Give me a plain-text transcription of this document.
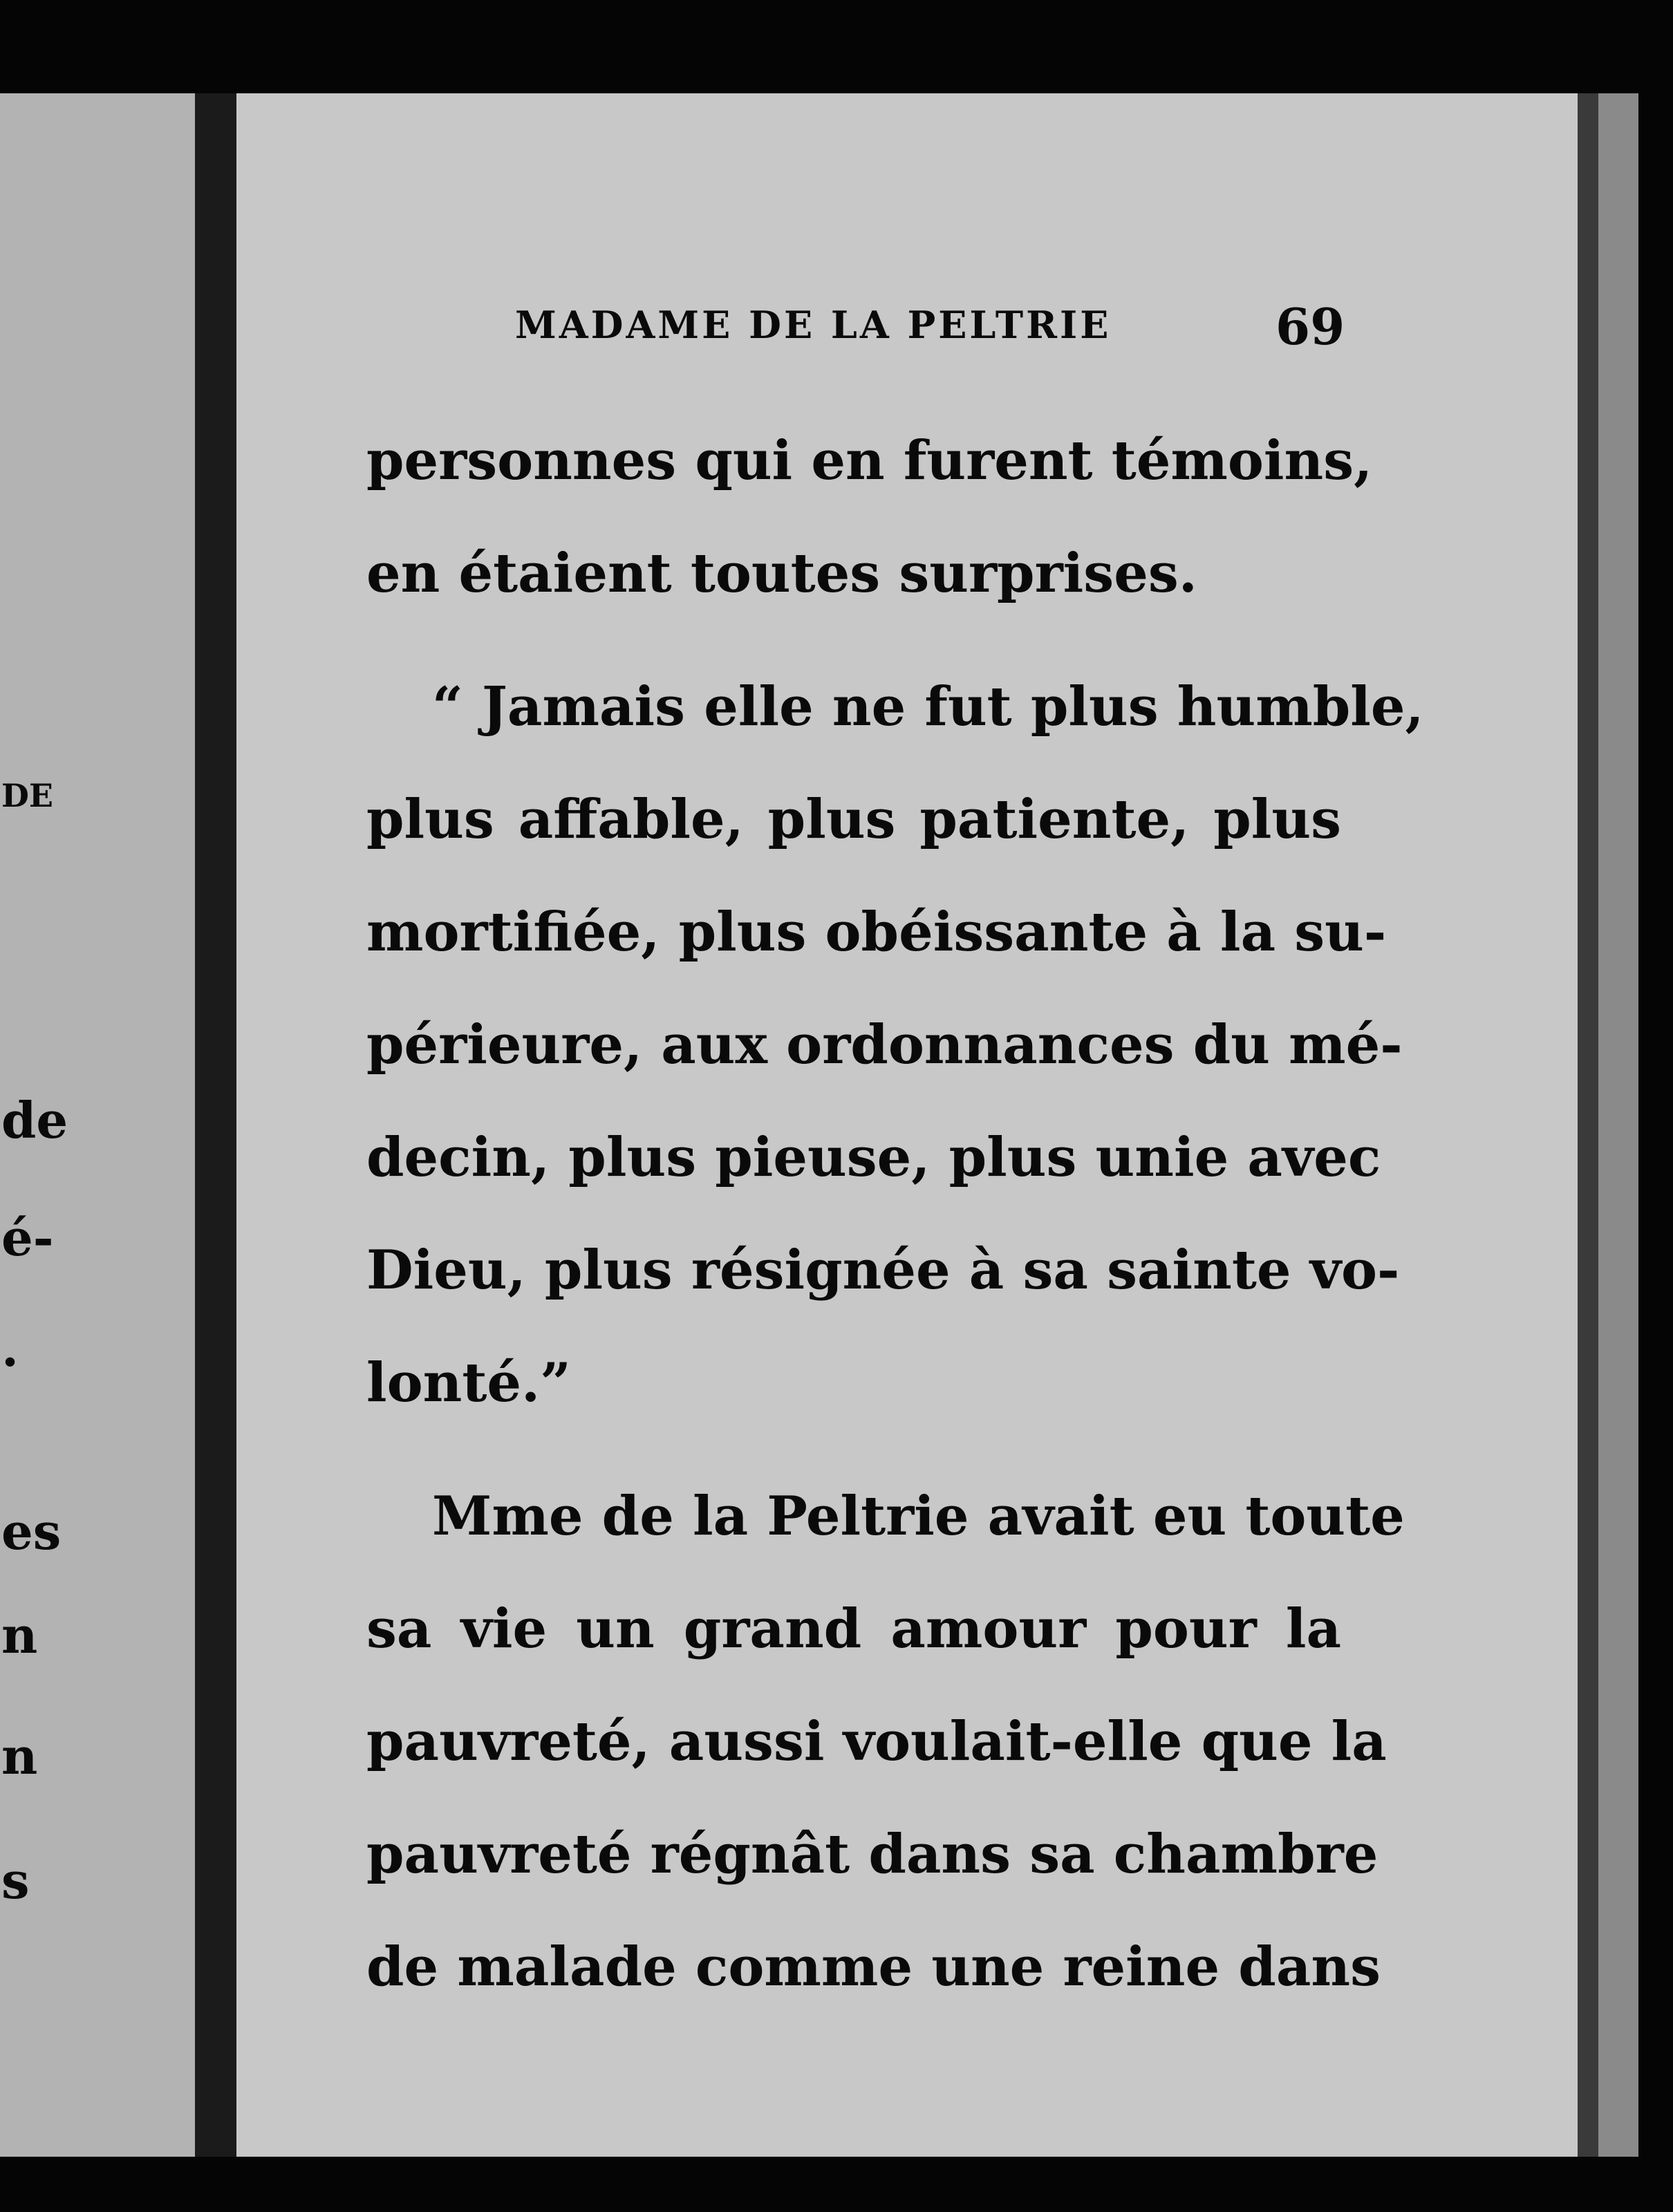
DE
de
é-
.
es
n
n
s
MADAME DE LA PELTRIE	69
personnes qui en furent témoins,
en étaient toutes surprises.
“ Jamais elle ne fut plus humble,
plus affable, plus patiente, plus
mortifiée, plus obéissante à la su-
périeure, aux ordonnances du mé-
decin, plus pieuse, plus unie avec
Dieu, plus résignée à sa sainte vo-
lonté.”
Mme de la Peltrie avait eu toute
sa vie un grand amour pour la
pauvreté, aussi voulait-elle que la
pauvreté régnât dans sa chambre
de malade comme une reine dans
